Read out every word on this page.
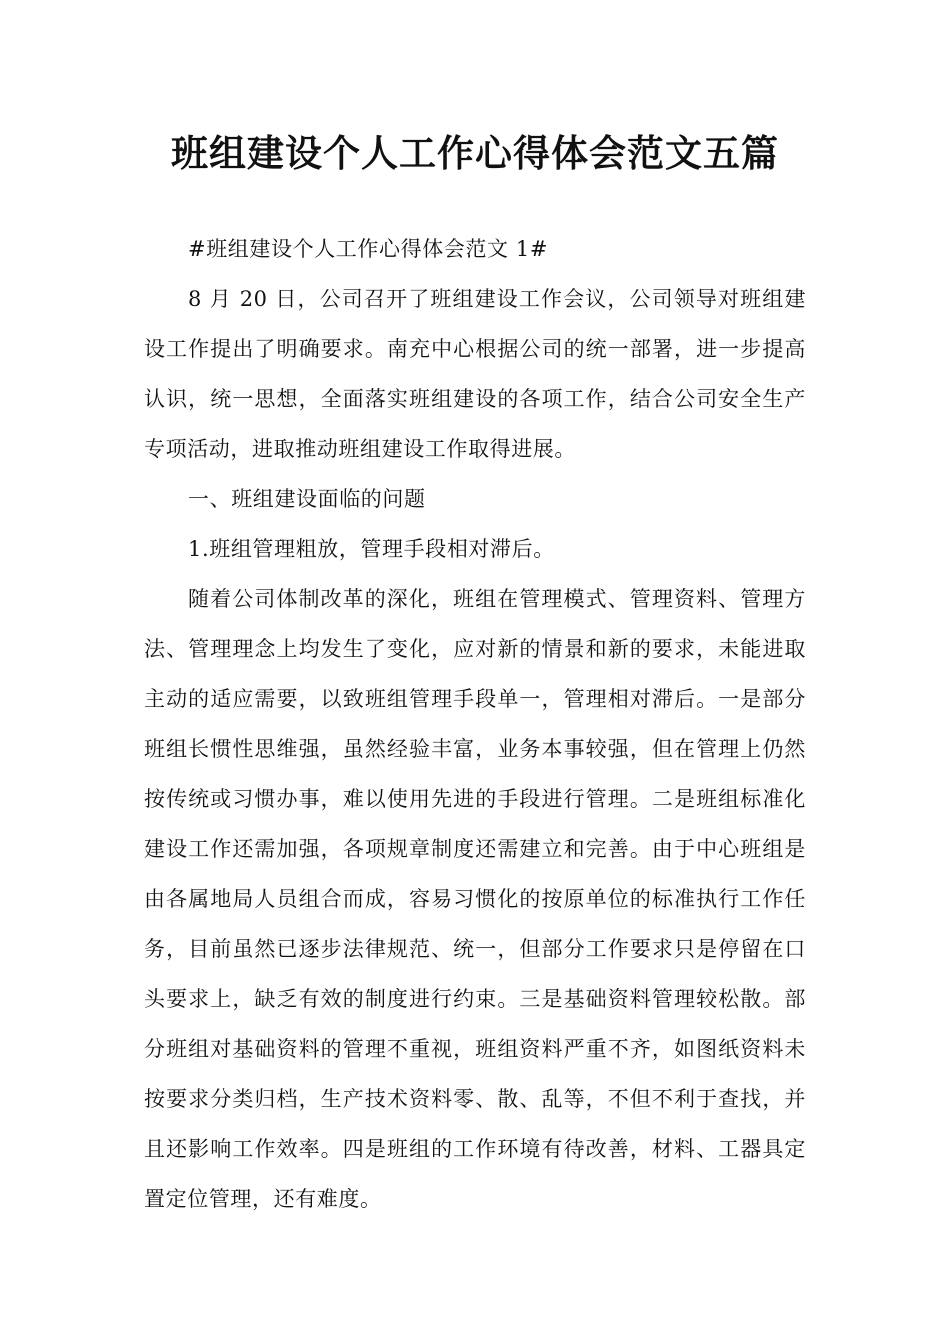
班组建设个人工作心得体会范文五篇

#班组建设个人工作心得体会范文 1#

8 月 20 日，公司召开了班组建设工作会议，公司领导对班组建设工作提出了明确要求。南充中心根据公司的统一部署，进一步提高认识，统一思想，全面落实班组建设的各项工作，结合公司安全生产专项活动，进取推动班组建设工作取得进展。

一、班组建设面临的问题

1.班组管理粗放，管理手段相对滞后。

随着公司体制改革的深化，班组在管理模式、管理资料、管理方法、管理理念上均发生了变化，应对新的情景和新的要求，未能进取主动的适应需要，以致班组管理手段单一，管理相对滞后。一是部分班组长惯性思维强，虽然经验丰富，业务本事较强，但在管理上仍然按传统或习惯办事，难以使用先进的手段进行管理。二是班组标准化建设工作还需加强，各项规章制度还需建立和完善。由于中心班组是由各属地局人员组合而成，容易习惯化的按原单位的标准执行工作任务，目前虽然已逐步法律规范、统一，但部分工作要求只是停留在口头要求上，缺乏有效的制度进行约束。三是基础资料管理较松散。部分班组对基础资料的管理不重视，班组资料严重不齐，如图纸资料未按要求分类归档，生产技术资料零、散、乱等，不但不利于查找，并且还影响工作效率。四是班组的工作环境有待改善，材料、工器具定置定位管理，还有难度。
